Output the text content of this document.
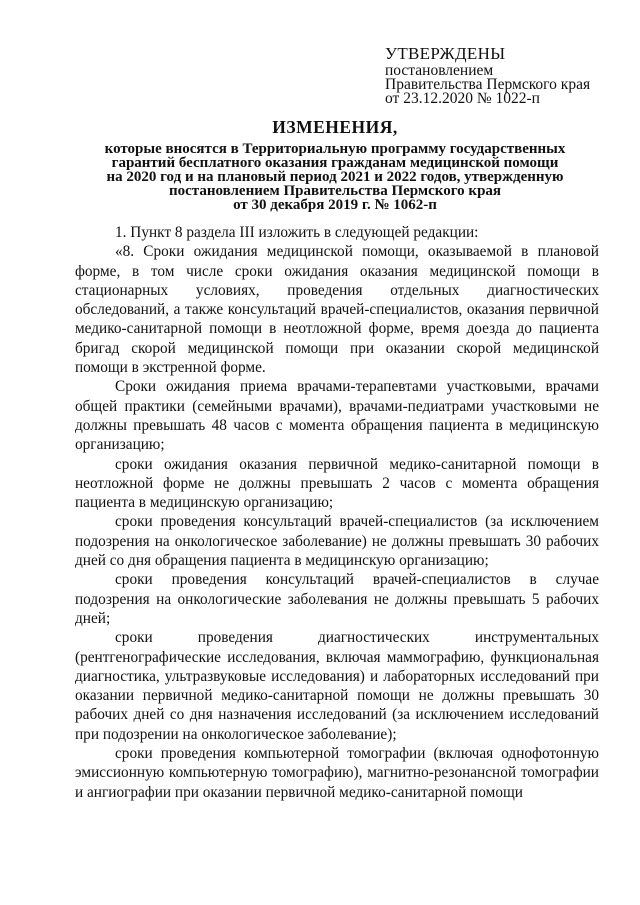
УТВЕРЖДЕНЫ
постановлением
Правительства Пермского края
от 23.12.2020 № 1022-п
ИЗМЕНЕНИЯ,
которые вносятся в Территориальную программу государственных
гарантий бесплатного оказания гражданам медицинской помощи
на 2020 год и на плановый период 2021 и 2022 годов, утвержденную
постановлением Правительства Пермского края
от 30 декабря 2019 г. № 1062-п

1. Пункт 8 раздела III изложить в следующей редакции:

«8. Сроки ожидания медицинской помощи, оказываемой в плановой форме, в том числе сроки ожидания оказания медицинской помощи в стационарных условиях, проведения отдельных диагностических обследований, а также консультаций врачей-специалистов, оказания первичной медико-санитарной помощи в неотложной форме, время доезда до пациента бригад скорой медицинской помощи при оказании скорой медицинской помощи в экстренной форме.

Сроки ожидания приема врачами-терапевтами участковыми, врачами общей практики (семейными врачами), врачами-педиатрами участковыми не должны превышать 48 часов с момента обращения пациента в медицинскую организацию;

сроки ожидания оказания первичной медико-санитарной помощи в неотложной форме не должны превышать 2 часов с момента обращения пациента в медицинскую организацию;

сроки проведения консультаций врачей-специалистов (за исключением подозрения на онкологическое заболевание) не должны превышать 30 рабочих дней со дня обращения пациента в медицинскую организацию;

сроки проведения консультаций врачей-специалистов в случае подозрения на онкологические заболевания не должны превышать 5 рабочих дней;

сроки проведения диагностических инструментальных (рентгенографические исследования, включая маммографию, функциональная диагностика, ультразвуковые исследования) и лабораторных исследований при оказании первичной медико-санитарной помощи не должны превышать 30 рабочих дней со дня назначения исследований (за исключением исследований при подозрении на онкологическое заболевание);

сроки проведения компьютерной томографии (включая однофотонную эмиссионную компьютерную томографию), магнитно-резонансной томографии и ангиографии при оказании первичной медико-санитарной помощи
